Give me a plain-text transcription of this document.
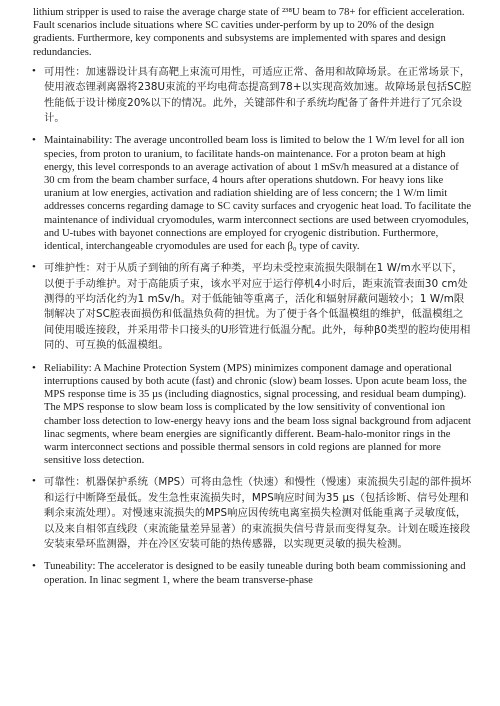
lithium stripper is used to raise the average charge state of ²³⁸U beam to 78+ for efficient acceleration. Fault scenarios include situations where SC cavities under-perform by up to 20% of the design gradients. Furthermore, key components and subsystems are implemented with spares and design redundancies.

• 可用性：加速器设计具有高靶上束流可用性，可适应正常、备用和故障场景。在正常场景下，使用液态锂剥离器将238U束流的平均电荷态提高到78+以实现高效加速。故障场景包括SC腔性能低于设计梯度20%以下的情况。此外，关键部件和子系统均配备了备件并进行了冗余设计。

• Maintainability: The average uncontrolled beam loss is limited to below the 1 W/m level for all ion species, from proton to uranium, to facilitate hands-on maintenance. For a proton beam at high energy, this level corresponds to an average activation of about 1 mSv/h measured at a distance of 30 cm from the beam chamber surface, 4 hours after operations shutdown. For heavy ions like uranium at low energies, activation and radiation shielding are of less concern; the 1 W/m limit addresses concerns regarding damage to SC cavity surfaces and cryogenic heat load. To facilitate the maintenance of individual cryomodules, warm interconnect sections are used between cryomodules, and U-tubes with bayonet connections are employed for cryogenic distribution. Furthermore, identical, interchangeable cryomodules are used for each β₀ type of cavity.

• 可维护性：对于从质子到铀的所有离子种类，平均未受控束流损失限制在1 W/m水平以下，以便于手动维护。对于高能质子束，该水平对应于运行停机4小时后，距束流管表面30 cm处测得的平均活化约为1 mSv/h。对于低能铀等重离子，活化和辐射屏蔽问题较小；1 W/m限制解决了对SC腔表面损伤和低温热负荷的担忧。为了便于各个低温模组的维护，低温模组之间使用暖连接段，并采用带卡口接头的U形管进行低温分配。此外，每种β0类型的腔均使用相同的、可互换的低温模组。

• Reliability: A Machine Protection System (MPS) minimizes component damage and operational interruptions caused by both acute (fast) and chronic (slow) beam losses. Upon acute beam loss, the MPS response time is 35 µs (including diagnostics, signal processing, and residual beam dumping). The MPS response to slow beam loss is complicated by the low sensitivity of conventional ion chamber loss detection to low-energy heavy ions and the beam loss signal background from adjacent linac segments, where beam energies are significantly different. Beam-halo-monitor rings in the warm interconnect sections and possible thermal sensors in cold regions are planned for more sensitive loss detection.

• 可靠性：机器保护系统（MPS）可将由急性（快速）和慢性（慢速）束流损失引起的部件损坏和运行中断降至最低。发生急性束流损失时，MPS响应时间为35 µs（包括诊断、信号处理和剩余束流处理）。对慢速束流损失的MPS响应因传统电离室损失检测对低能重离子灵敏度低，以及来自相邻直线段（束流能量差异显著）的束流损失信号背景而变得复杂。计划在暖连接段安装束晕环监测器，并在冷区安装可能的热传感器，以实现更灵敏的损失检测。

• Tuneability: The accelerator is designed to be easily tuneable during both beam commissioning and operation. In linac segment 1, where the beam transverse-phase
